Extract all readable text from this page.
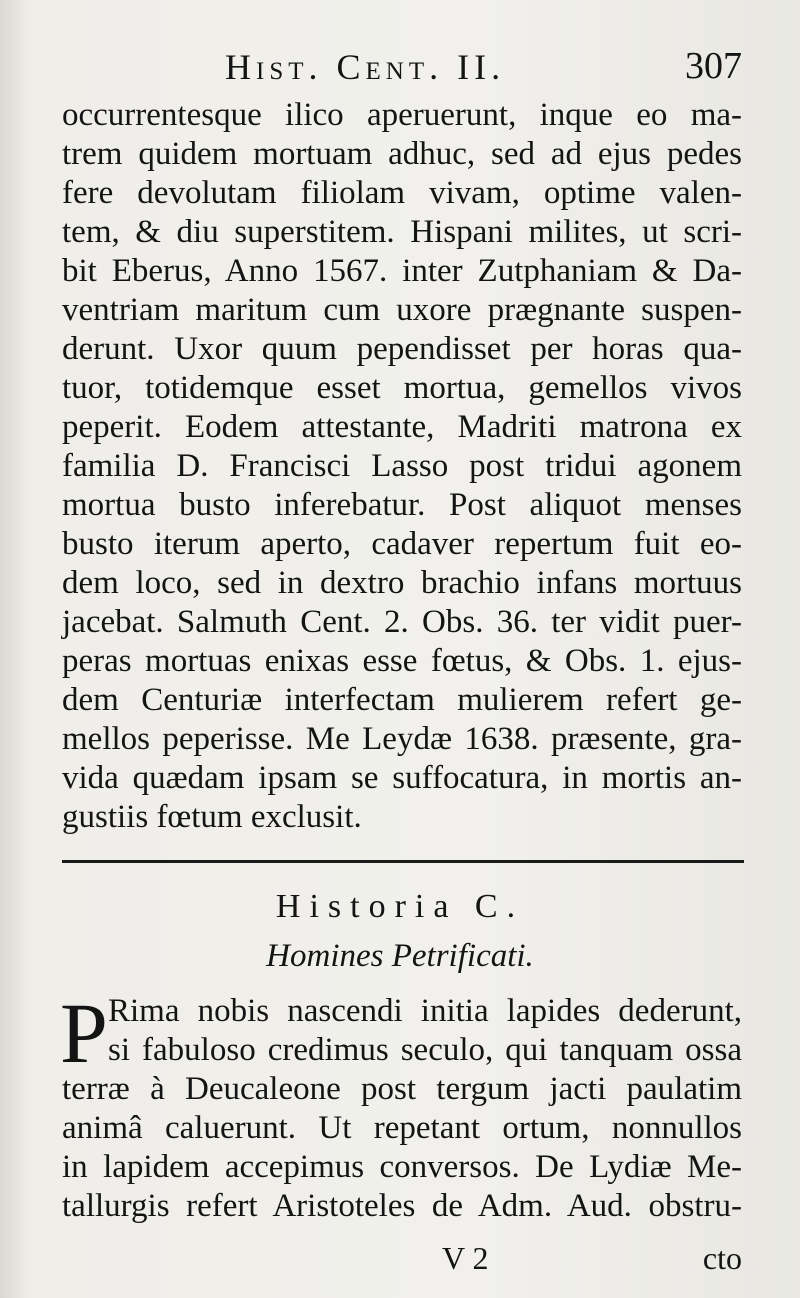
Hist. Cent. II.	307
occurrentesque ilico aperuerunt, inque eo ma-
trem quidem mortuam adhuc, sed ad ejus pedes
fere devolutam filiolam vivam, optime valen-
tem, & diu superstitem. Hispani milites, ut scri-
bit Eberus, Anno 1567. inter Zutphaniam & Da-
ventriam maritum cum uxore prægnante suspen-
derunt. Uxor quum pependisset per horas qua-
tuor, totidemque esset mortua, gemellos vivos
peperit. Eodem attestante, Madriti matrona ex
familia D. Francisci Lasso post tridui agonem
mortua busto inferebatur. Post aliquot menses
busto iterum aperto, cadaver repertum fuit eo-
dem loco, sed in dextro brachio infans mortuus
jacebat. Salmuth Cent. 2. Obs. 36. ter vidit puer-
peras mortuas enixas esse fœtus, & Obs. 1. ejus-
dem Centuriæ interfectam mulierem refert ge-
mellos peperisse. Me Leydæ 1638. præsente, gra-
vida quædam ipsam se suffocatura, in mortis an-
gustiis fœtum exclusit.
Historia C.
Homines Petrificati.
P Rima nobis nascendi initia lapides dederunt,
si fabuloso credimus seculo, qui tanquam ossa
terræ à Deucaleone post tergum jacti paulatim
animâ caluerunt. Ut repetant ortum, nonnullos
in lapidem accepimus conversos. De Lydiæ Me-
tallurgis refert Aristoteles de Adm. Aud. obstru-
V 2	cto
